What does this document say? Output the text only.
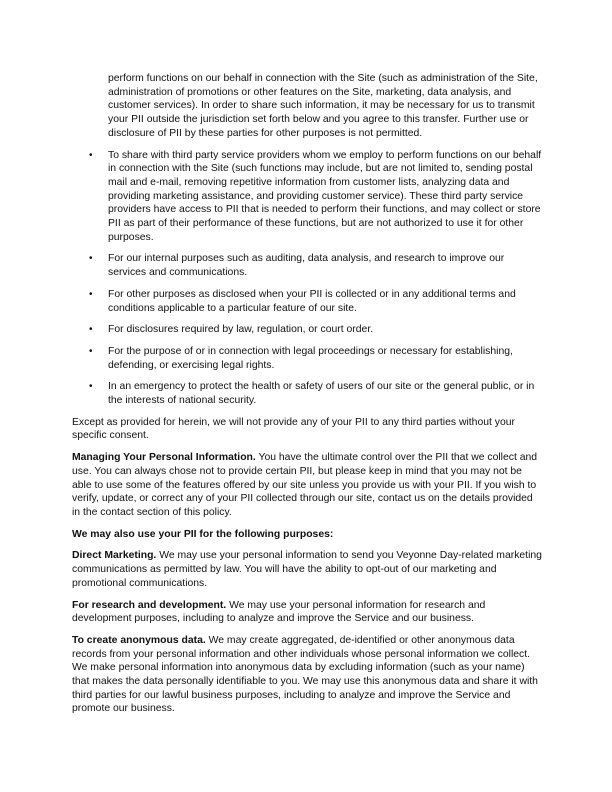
perform functions on our behalf in connection with the Site (such as administration of the Site, administration of promotions or other features on the Site, marketing, data analysis, and customer services). In order to share such information, it may be necessary for us to transmit your PII outside the jurisdiction set forth below and you agree to this transfer. Further use or disclosure of PII by these parties for other purposes is not permitted.

• To share with third party service providers whom we employ to perform functions on our behalf in connection with the Site (such functions may include, but are not limited to, sending postal mail and e-mail, removing repetitive information from customer lists, analyzing data and providing marketing assistance, and providing customer service). These third party service providers have access to PII that is needed to perform their functions, and may collect or store PII as part of their performance of these functions, but are not authorized to use it for other purposes.
• For our internal purposes such as auditing, data analysis, and research to improve our services and communications.
• For other purposes as disclosed when your PII is collected or in any additional terms and conditions applicable to a particular feature of our site.
• For disclosures required by law, regulation, or court order.
• For the purpose of or in connection with legal proceedings or necessary for establishing, defending, or exercising legal rights.
• In an emergency to protect the health or safety of users of our site or the general public, or in the interests of national security.

Except as provided for herein, we will not provide any of your PII to any third parties without your specific consent.

Managing Your Personal Information. You have the ultimate control over the PII that we collect and use. You can always chose not to provide certain PII, but please keep in mind that you may not be able to use some of the features offered by our site unless you provide us with your PII. If you wish to verify, update, or correct any of your PII collected through our site, contact us on the details provided in the contact section of this policy.

We may also use your PII for the following purposes:

Direct Marketing. We may use your personal information to send you Veyonne Day-related marketing communications as permitted by law. You will have the ability to opt-out of our marketing and promotional communications.

For research and development. We may use your personal information for research and development purposes, including to analyze and improve the Service and our business.

To create anonymous data. We may create aggregated, de-identified or other anonymous data records from your personal information and other individuals whose personal information we collect. We make personal information into anonymous data by excluding information (such as your name) that makes the data personally identifiable to you. We may use this anonymous data and share it with third parties for our lawful business purposes, including to analyze and improve the Service and promote our business.
